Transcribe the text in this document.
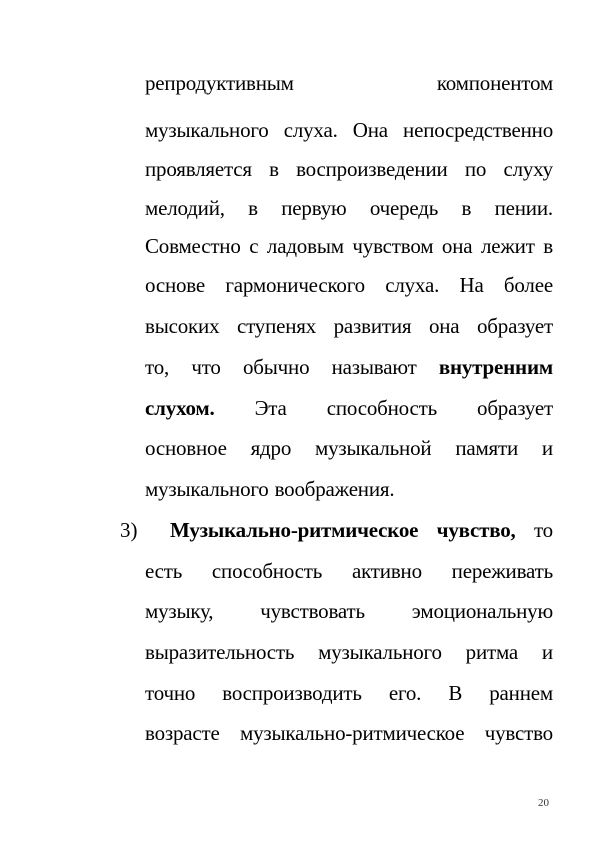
репродуктивным	компонентом
музыкального слуха. Она непосредственно
проявляется в воспроизведении по слуху
мелодий, в первую очередь в пении.
Совместно с ладовым чувством она лежит в
основе гармонического слуха. На более
высоких ступенях развития она образует
то, что обычно называют внутренним
слухом. Эта способность образует
основное ядро музыкальной памяти и
музыкального воображения.
3) Музыкально-ритмическое чувство, то
есть способность активно переживать
музыку, чувствовать эмоциональную
выразительность музыкального ритма и
точно воспроизводить его. В раннем
возрасте музыкально-ритмическое чувство
20
